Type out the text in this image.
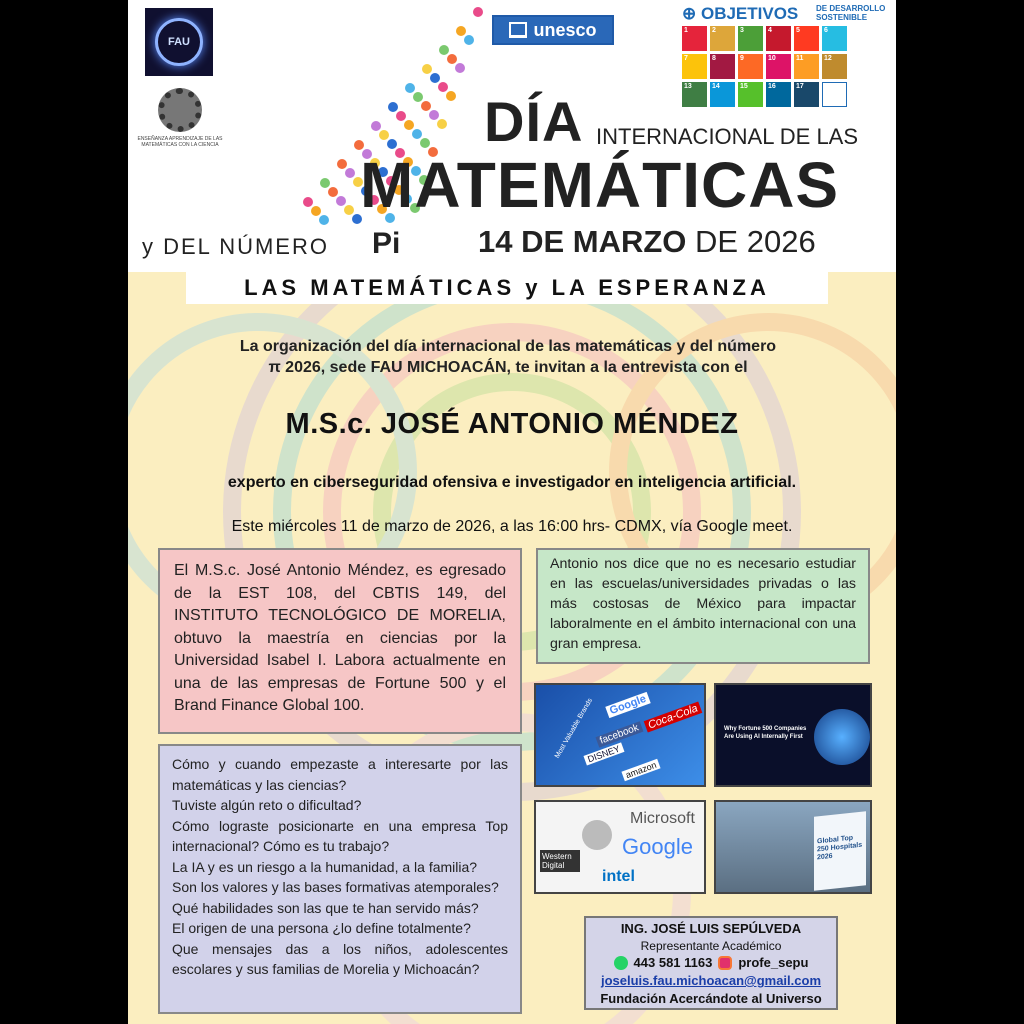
FAU
ENSEÑANZA APRENDIZAJE DE LAS MATEMÁTICAS CON LA CIENCIA
unesco
⊕ OBJETIVOS DE DESARROLLO SOSTENIBLE
1	2	3	4	5	6
7	8	9	10	11	12
13	14	15	16	17
DÍA INTERNACIONAL DE LAS
MATEMÁTICAS
y DEL NÚMERO Pi	14 DE MARZO DE 2026
LAS MATEMÁTICAS y LA ESPERANZA
La organización del día internacional de las matemáticas y del número
π 2026, sede FAU MICHOACÁN, te invitan a la entrevista con el
M.S.c. JOSÉ ANTONIO MÉNDEZ
experto en ciberseguridad ofensiva e investigador en inteligencia artificial.
Este miércoles 11 de marzo de 2026, a las 16:00 hrs- CDMX, vía Google meet.
El M.S.c. José Antonio Méndez, es egresado de la EST 108, del CBTIS 149, del INSTITUTO TECNOLÓGICO DE MORELIA, obtuvo la maestría en ciencias por la Universidad Isabel I. Labora actualmente en una de las empresas de Fortune 500 y el Brand Finance Global 100.
Antonio nos dice que no es necesario estudiar en las escuelas/universidades privadas o las más costosas de México para impactar laboralmente en el ámbito internacional con una gran empresa.

Cómo y cuando empezaste a interesarte por las matemáticas y las ciencias?

Tuviste algún reto o dificultad?

Cómo lograste posicionarte en una empresa Top internacional? Cómo es tu trabajo?

La IA y es un riesgo a la humanidad, a la familia?

Son los valores y las bases formativas atemporales?

Qué habilidades son las que te han servido más?

El origen de una persona ¿lo define totalmente?

Que mensajes das a los niños, adolescentes escolares y sus familias de Morelia y Michoacán?

Most Valuable Brands Google
Coca-Cola
facebook
DISNEY
amazon
Why Fortune 500 Companies Are Using AI Internally First
Microsoft
Google
Western Digital
intel
Global Top 250 Hospitals 2026
ING. JOSÉ LUIS SEPÚLVEDA
Representante Académico
443 581 1163 profe_sepu
joseluis.fau.michoacan@gmail.com
Fundación Acercándote al Universo
